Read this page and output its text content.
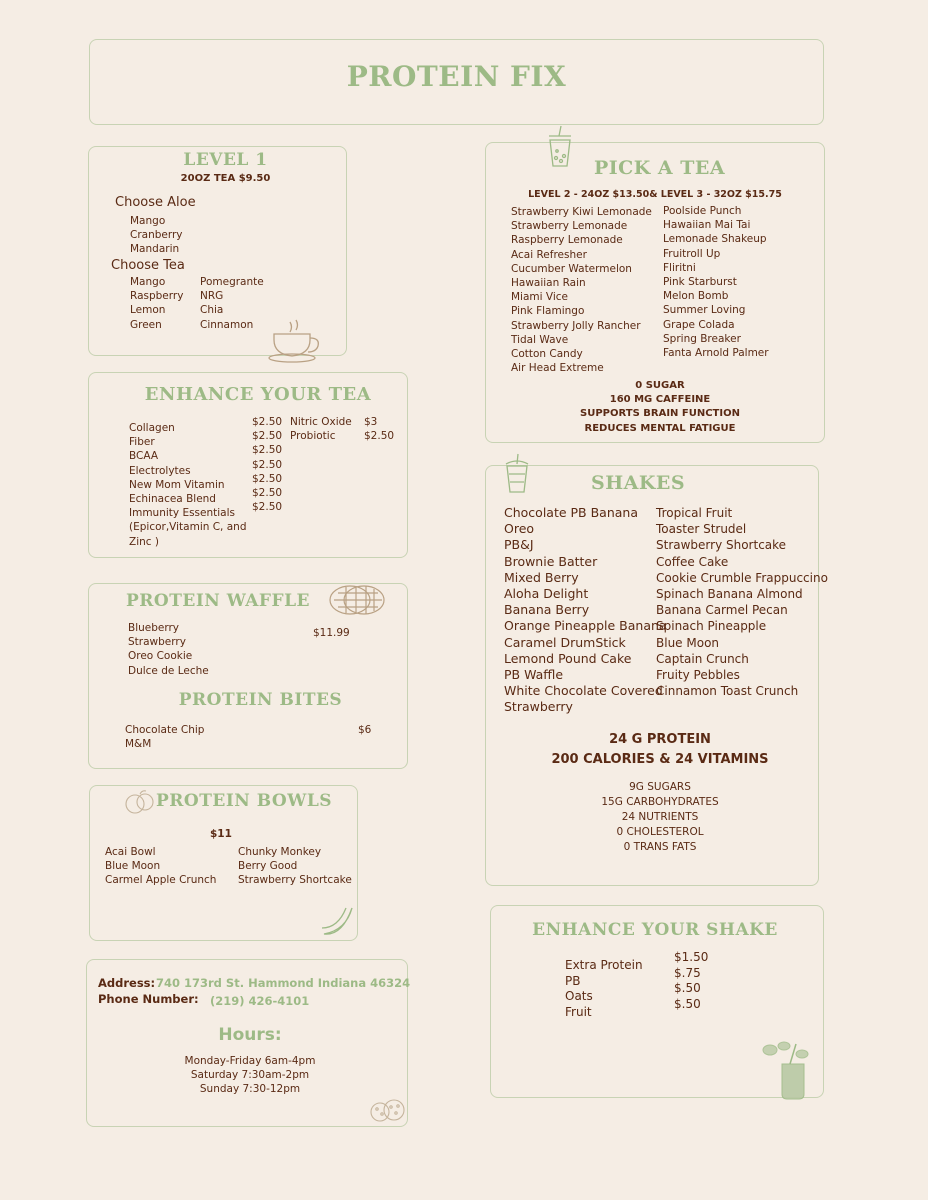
PROTEIN FIX
LEVEL 1
20OZ TEA $9.50
Choose Aloe
Mango
Cranberry
Mandarin
Choose Tea
Mango
Raspberry
Lemon
Green
Pomegrante
NRG
Chia
Cinnamon
PICK A TEA
LEVEL 2 - 24OZ $13.50& LEVEL 3 - 32OZ $15.75
Strawberry Kiwi Lemonade
Strawberry Lemonade
Raspberry Lemonade
Acai Refresher
Cucumber Watermelon
Hawaiian Rain
Miami Vice
Pink Flamingo
Strawberry Jolly Rancher
Tidal Wave
Cotton Candy
Air Head Extreme
Poolside Punch
Hawaiian Mai Tai
Lemonade Shakeup
Fruitroll Up
Fliritni
Pink Starburst
Melon Bomb
Summer Loving
Grape Colada
Spring Breaker
Fanta Arnold Palmer
0 SUGAR
160 MG CAFFEINE
SUPPORTS BRAIN FUNCTION
REDUCES MENTAL FATIGUE
ENHANCE YOUR TEA
Collagen
Fiber
BCAA
Electrolytes
New Mom Vitamin
Echinacea Blend
Immunity Essentials
(Epicor,Vitamin C, and
Zinc )
$2.50
$2.50
$2.50
$2.50
$2.50
$2.50
$2.50
Nitric Oxide
Probiotic
$3
$2.50
SHAKES
Chocolate PB Banana
Oreo
PB&J
Brownie Batter
Mixed Berry
Aloha Delight
Banana Berry
Orange Pineapple Banana
Caramel DrumStick
Lemond Pound Cake
PB Waffle
White Chocolate Covered
Strawberry
Tropical Fruit
Toaster Strudel
Strawberry Shortcake
Coffee Cake
Cookie Crumble Frappuccino
Spinach Banana Almond
Banana Carmel Pecan
Spinach Pineapple
Blue Moon
Captain Crunch
Fruity Pebbles
Cinnamon Toast Crunch
24 G PROTEIN
200 CALORIES & 24 VITAMINS
9G SUGARS
15G CARBOHYDRATES
24 NUTRIENTS
0 CHOLESTEROL
0 TRANS FATS
PROTEIN WAFFLE
Blueberry
Strawberry
Oreo Cookie
Dulce de Leche
$11.99
PROTEIN BITES
Chocolate Chip
M&M
$6
PROTEIN BOWLS
$11
Acai Bowl
Blue Moon
Carmel Apple Crunch
Chunky Monkey
Berry Good
Strawberry Shortcake
ENHANCE YOUR SHAKE
Extra Protein
PB
Oats
Fruit
$1.50
$.75
$.50
$.50
Address: 740 173rd St. Hammond Indiana 46324
Phone Number: (219) 426-4101
Hours:
Monday-Friday 6am-4pm
Saturday 7:30am-2pm
Sunday 7:30-12pm
